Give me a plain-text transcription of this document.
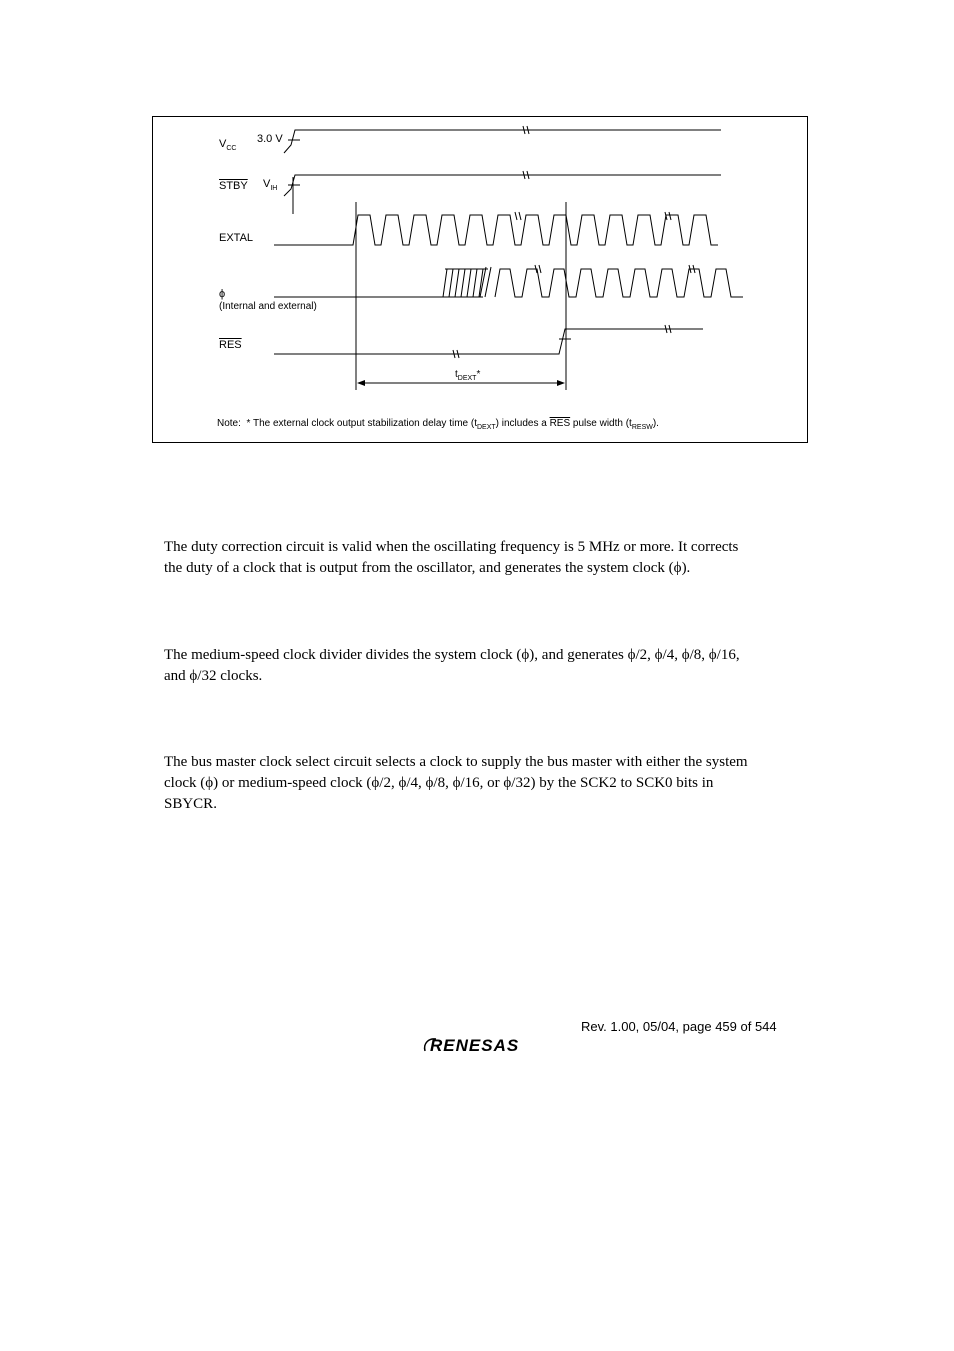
$V_{CC}$
3.0 V
STBY $V_{IH}$
EXTAL
ϕ
(Internal and external)
$\overline{RES}$
$t_{DEXT}*$
Note: * The external clock output stabilization delay time $(t_{DEXT})$ includes a $\overline{RES}$ pulse width $(t_{RESW})$.

The duty correction circuit is valid when the oscillating frequency is 5 MHz or more. It corrects

the duty of a clock that is output from the oscillator, and generates the system clock (ϕ).

The medium-speed clock divider divides the system clock (ϕ), and generates ϕ/2, ϕ/4, ϕ/8, ϕ/16,

and ϕ/32 clocks.

The bus master clock select circuit selects a clock to supply the bus master with either the system

clock (ϕ) or medium-speed clock (ϕ/2, ϕ/4, ϕ/8, ϕ/16, or ϕ/32) by the SCK2 to SCK0 bits in

SBYCR.

Rev. 1.00, 05/04, page 459 of 544
RENESAS
